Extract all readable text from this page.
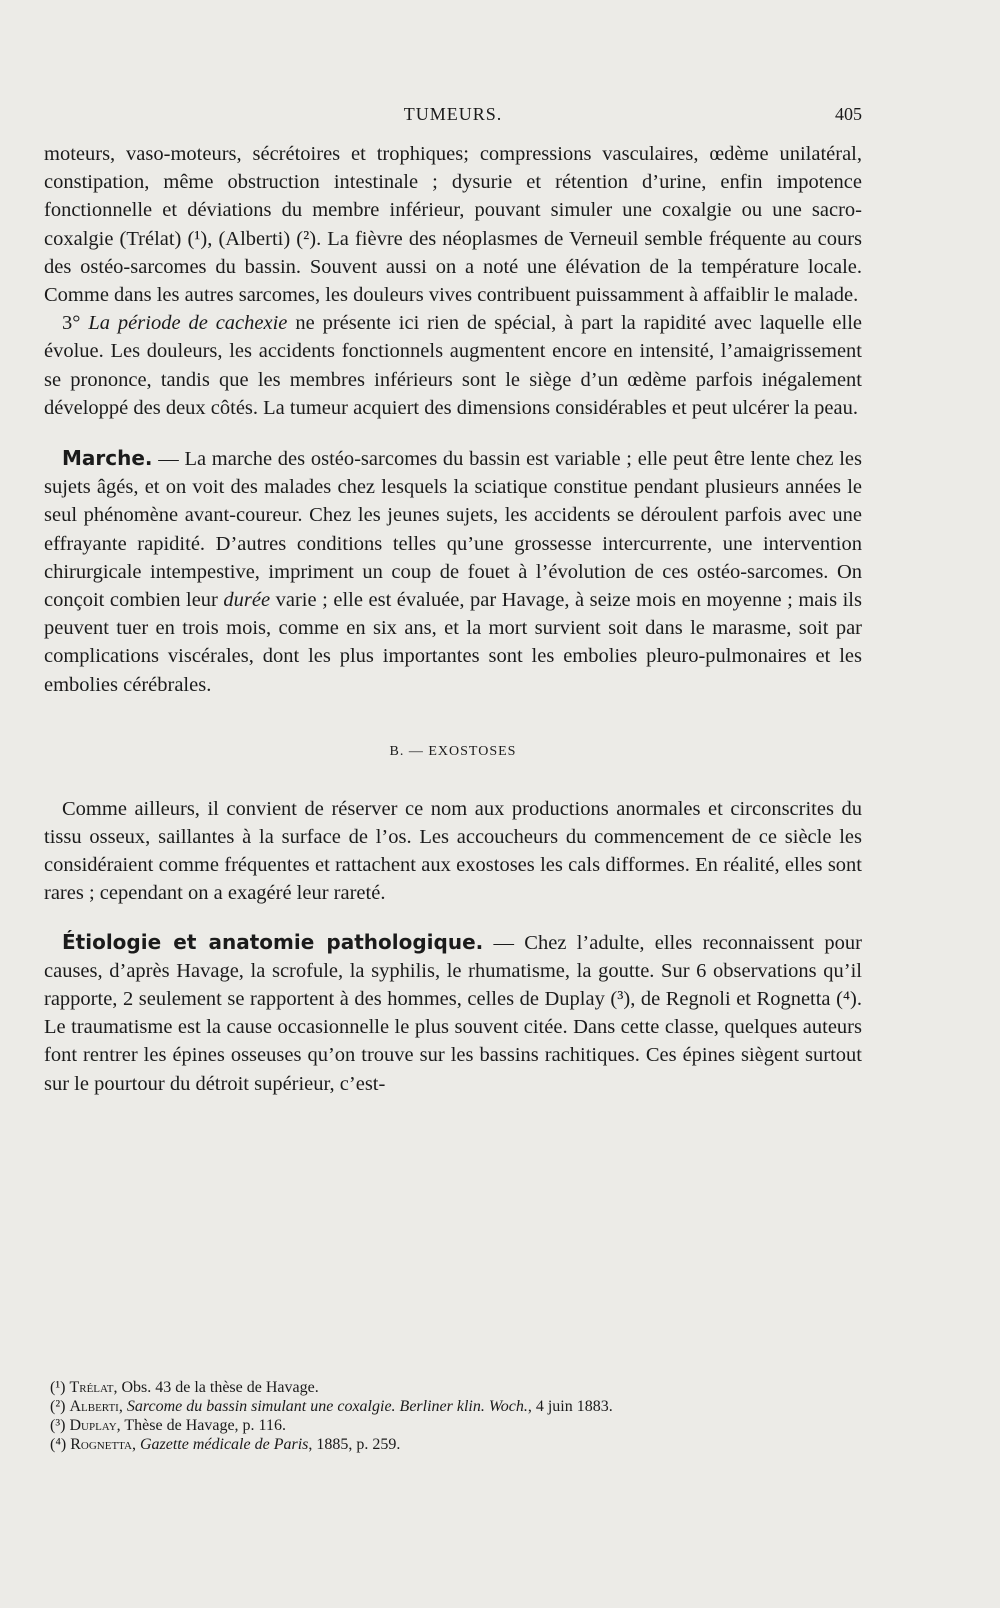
TUMEURS.	405

moteurs, vaso-moteurs, sécrétoires et trophiques; compressions vasculaires, œdème unilatéral, constipation, même obstruction intestinale ; dysurie et rétention d’urine, enfin impotence fonctionnelle et déviations du membre inférieur, pouvant simuler une coxalgie ou une sacro-coxalgie (Trélat) (¹), (Alberti) (²). La fièvre des néoplasmes de Verneuil semble fréquente au cours des ostéo-sarcomes du bassin. Souvent aussi on a noté une élévation de la température locale. Comme dans les autres sarcomes, les douleurs vives contribuent puissamment à affaiblir le malade.

3° La période de cachexie ne présente ici rien de spécial, à part la rapidité avec laquelle elle évolue. Les douleurs, les accidents fonctionnels augmentent encore en intensité, l’amaigrissement se prononce, tandis que les membres inférieurs sont le siège d’un œdème parfois inégalement développé des deux côtés. La tumeur acquiert des dimensions considérables et peut ulcérer la peau.

Marche. — La marche des ostéo-sarcomes du bassin est variable ; elle peut être lente chez les sujets âgés, et on voit des malades chez lesquels la sciatique constitue pendant plusieurs années le seul phénomène avant-coureur. Chez les jeunes sujets, les accidents se déroulent parfois avec une effrayante rapidité. D’autres conditions telles qu’une grossesse intercurrente, une intervention chirurgicale intempestive, impriment un coup de fouet à l’évolution de ces ostéo-sarcomes. On conçoit combien leur durée varie ; elle est évaluée, par Havage, à seize mois en moyenne ; mais ils peuvent tuer en trois mois, comme en six ans, et la mort survient soit dans le marasme, soit par complications viscérales, dont les plus importantes sont les embolies pleuro-pulmonaires et les embolies cérébrales.

B. — EXOSTOSES

Comme ailleurs, il convient de réserver ce nom aux productions anormales et circonscrites du tissu osseux, saillantes à la surface de l’os. Les accoucheurs du commencement de ce siècle les considéraient comme fréquentes et rattachent aux exostoses les cals difformes. En réalité, elles sont rares ; cependant on a exagéré leur rareté.

Étiologie et anatomie pathologique. — Chez l’adulte, elles reconnaissent pour causes, d’après Havage, la scrofule, la syphilis, le rhumatisme, la goutte. Sur 6 observations qu’il rapporte, 2 seulement se rapportent à des hommes, celles de Duplay (³), de Regnoli et Rognetta (⁴). Le traumatisme est la cause occasionnelle le plus souvent citée. Dans cette classe, quelques auteurs font rentrer les épines osseuses qu’on trouve sur les bassins rachitiques. Ces épines siègent surtout sur le pourtour du détroit supérieur, c’est-

(¹) Trélat, Obs. 43 de la thèse de Havage.
(²) Alberti, Sarcome du bassin simulant une coxalgie. Berliner klin. Woch., 4 juin 1883.
(³) Duplay, Thèse de Havage, p. 116.
(⁴) Rognetta, Gazette médicale de Paris, 1885, p. 259.
